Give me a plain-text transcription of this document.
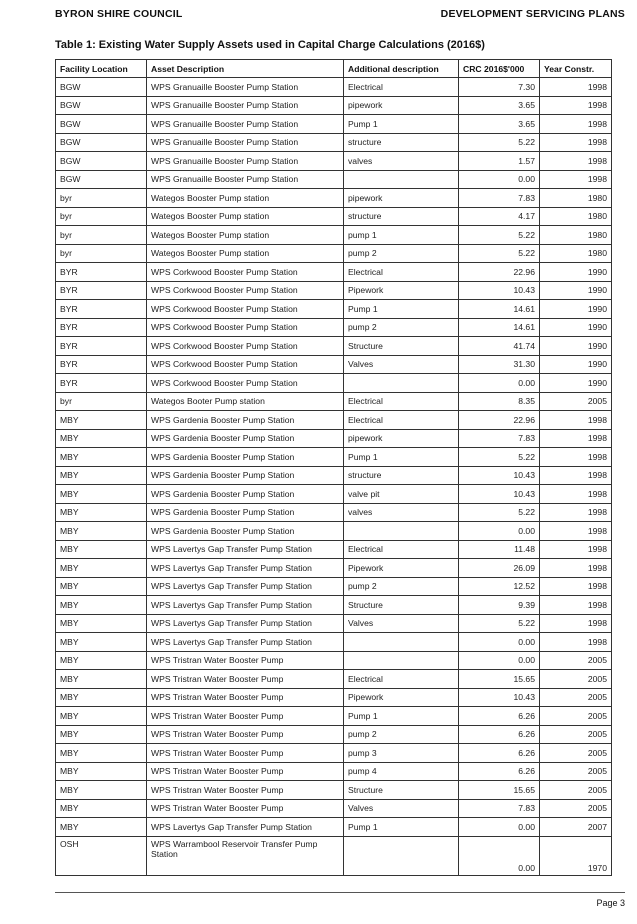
BYRON SHIRE COUNCIL	DEVELOPMENT SERVICING PLANS
Table 1: Existing Water Supply Assets used in Capital Charge Calculations (2016$)
Facility Location	Asset Description	Additional description	CRC 2016$'000	Year Constr.
BGW	WPS Granuaille Booster Pump Station	Electrical	7.30	1998
BGW	WPS Granuaille Booster Pump Station	pipework	3.65	1998
BGW	WPS Granuaille Booster Pump Station	Pump 1	3.65	1998
BGW	WPS Granuaille Booster Pump Station	structure	5.22	1998
BGW	WPS Granuaille Booster Pump Station	valves	1.57	1998
BGW	WPS Granuaille Booster Pump Station		0.00	1998
byr	Wategos Booster Pump station	pipework	7.83	1980
byr	Wategos Booster Pump station	structure	4.17	1980
byr	Wategos Booster Pump station	pump 1	5.22	1980
byr	Wategos Booster Pump station	pump 2	5.22	1980
BYR	WPS Corkwood Booster Pump Station	Electrical	22.96	1990
BYR	WPS Corkwood Booster Pump Station	Pipework	10.43	1990
BYR	WPS Corkwood Booster Pump Station	Pump 1	14.61	1990
BYR	WPS Corkwood Booster Pump Station	pump 2	14.61	1990
BYR	WPS Corkwood Booster Pump Station	Structure	41.74	1990
BYR	WPS Corkwood Booster Pump Station	Valves	31.30	1990
BYR	WPS Corkwood Booster Pump Station		0.00	1990
byr	Wategos Booter Pump station	Electrical	8.35	2005
MBY	WPS Gardenia Booster Pump Station	Electrical	22.96	1998
MBY	WPS Gardenia Booster Pump Station	pipework	7.83	1998
MBY	WPS Gardenia Booster Pump Station	Pump 1	5.22	1998
MBY	WPS Gardenia Booster Pump Station	structure	10.43	1998
MBY	WPS Gardenia Booster Pump Station	valve pit	10.43	1998
MBY	WPS Gardenia Booster Pump Station	valves	5.22	1998
MBY	WPS Gardenia Booster Pump Station		0.00	1998
MBY	WPS Lavertys Gap Transfer Pump Station	Electrical	11.48	1998
MBY	WPS Lavertys Gap Transfer Pump Station	Pipework	26.09	1998
MBY	WPS Lavertys Gap Transfer Pump Station	pump 2	12.52	1998
MBY	WPS Lavertys Gap Transfer Pump Station	Structure	9.39	1998
MBY	WPS Lavertys Gap Transfer Pump Station	Valves	5.22	1998
MBY	WPS Lavertys Gap Transfer Pump Station		0.00	1998
MBY	WPS Tristran Water Booster Pump		0.00	2005
MBY	WPS Tristran Water Booster Pump	Electrical	15.65	2005
MBY	WPS Tristran Water Booster Pump	Pipework	10.43	2005
MBY	WPS Tristran Water Booster Pump	Pump 1	6.26	2005
MBY	WPS Tristran Water Booster Pump	pump 2	6.26	2005
MBY	WPS Tristran Water Booster Pump	pump 3	6.26	2005
MBY	WPS Tristran Water Booster Pump	pump 4	6.26	2005
MBY	WPS Tristran Water Booster Pump	Structure	15.65	2005
MBY	WPS Tristran Water Booster Pump	Valves	7.83	2005
MBY	WPS Lavertys Gap Transfer Pump Station	Pump 1	0.00	2007
OSH	WPS Warrambool Reservoir Transfer Pump Station		0.00	1970
Page 3
